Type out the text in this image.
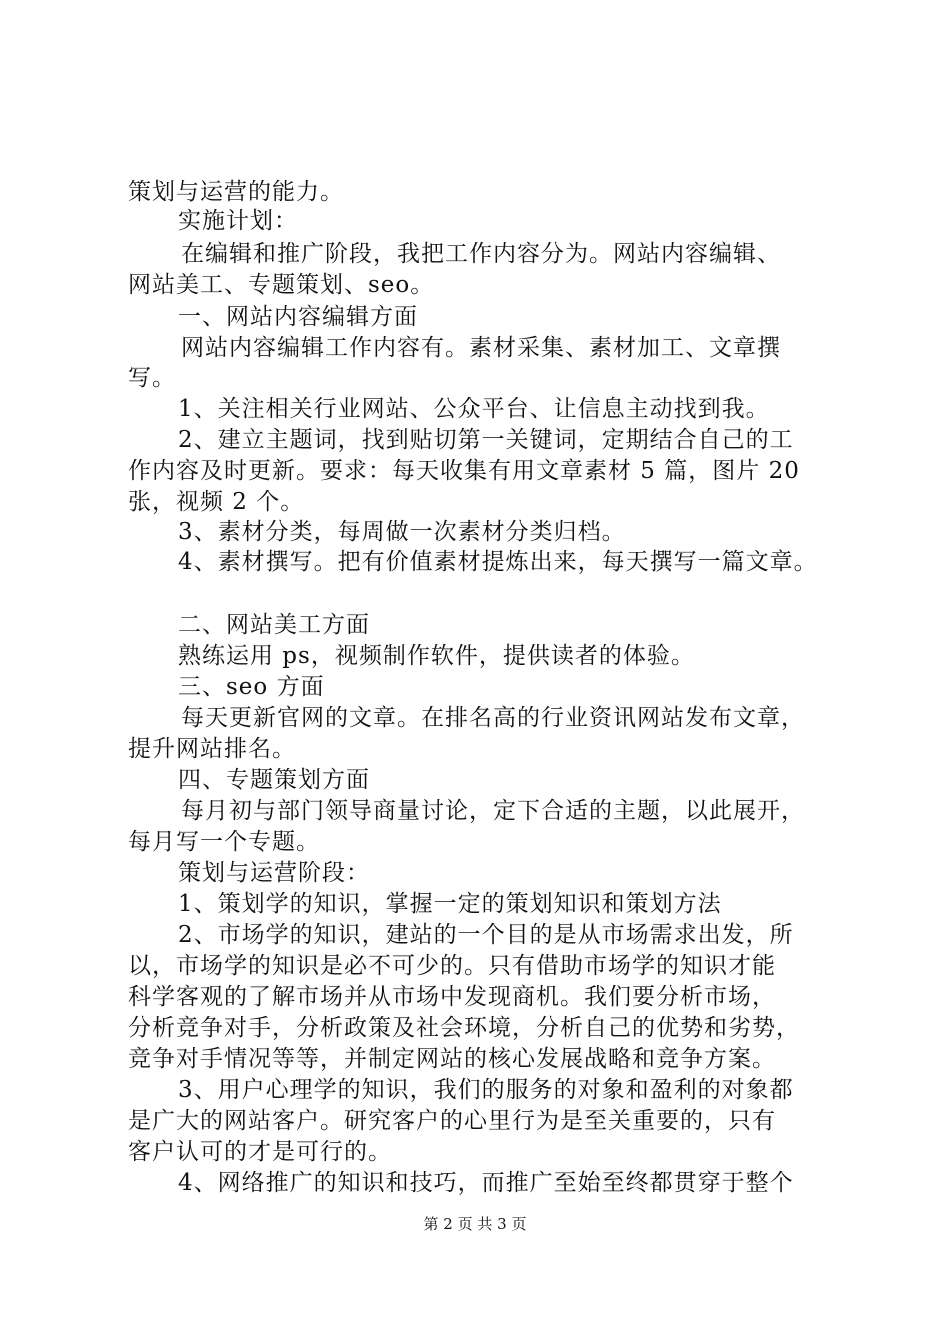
策划与运营的能力。
实施计划：
在编辑和推广阶段，我把工作内容分为。网站内容编辑、
网站美工、专题策划、seo。
一、网站内容编辑方面
网站内容编辑工作内容有。素材采集、素材加工、文章撰
写。
1、关注相关行业网站、公众平台、让信息主动找到我。
2、建立主题词，找到贴切第一关键词，定期结合自己的工
作内容及时更新。要求：每天收集有用文章素材 5 篇，图片 20
张，视频 2 个。
3、素材分类，每周做一次素材分类归档。
4、素材撰写。把有价值素材提炼出来，每天撰写一篇文章。
二、网站美工方面
熟练运用 ps，视频制作软件，提供读者的体验。
三、seo 方面
每天更新官网的文章。在排名高的行业资讯网站发布文章，
提升网站排名。
四、专题策划方面
每月初与部门领导商量讨论，定下合适的主题，以此展开，
每月写一个专题。
策划与运营阶段：
1、策划学的知识，掌握一定的策划知识和策划方法
2、市场学的知识，建站的一个目的是从市场需求出发，所
以，市场学的知识是必不可少的。只有借助市场学的知识才能
科学客观的了解市场并从市场中发现商机。我们要分析市场，
分析竞争对手，分析政策及社会环境，分析自己的优势和劣势，
竞争对手情况等等，并制定网站的核心发展战略和竞争方案。
3、用户心理学的知识，我们的服务的对象和盈利的对象都
是广大的网站客户。研究客户的心里行为是至关重要的，只有
客户认可的才是可行的。
4、网络推广的知识和技巧，而推广至始至终都贯穿于整个
第 2 页 共 3 页
